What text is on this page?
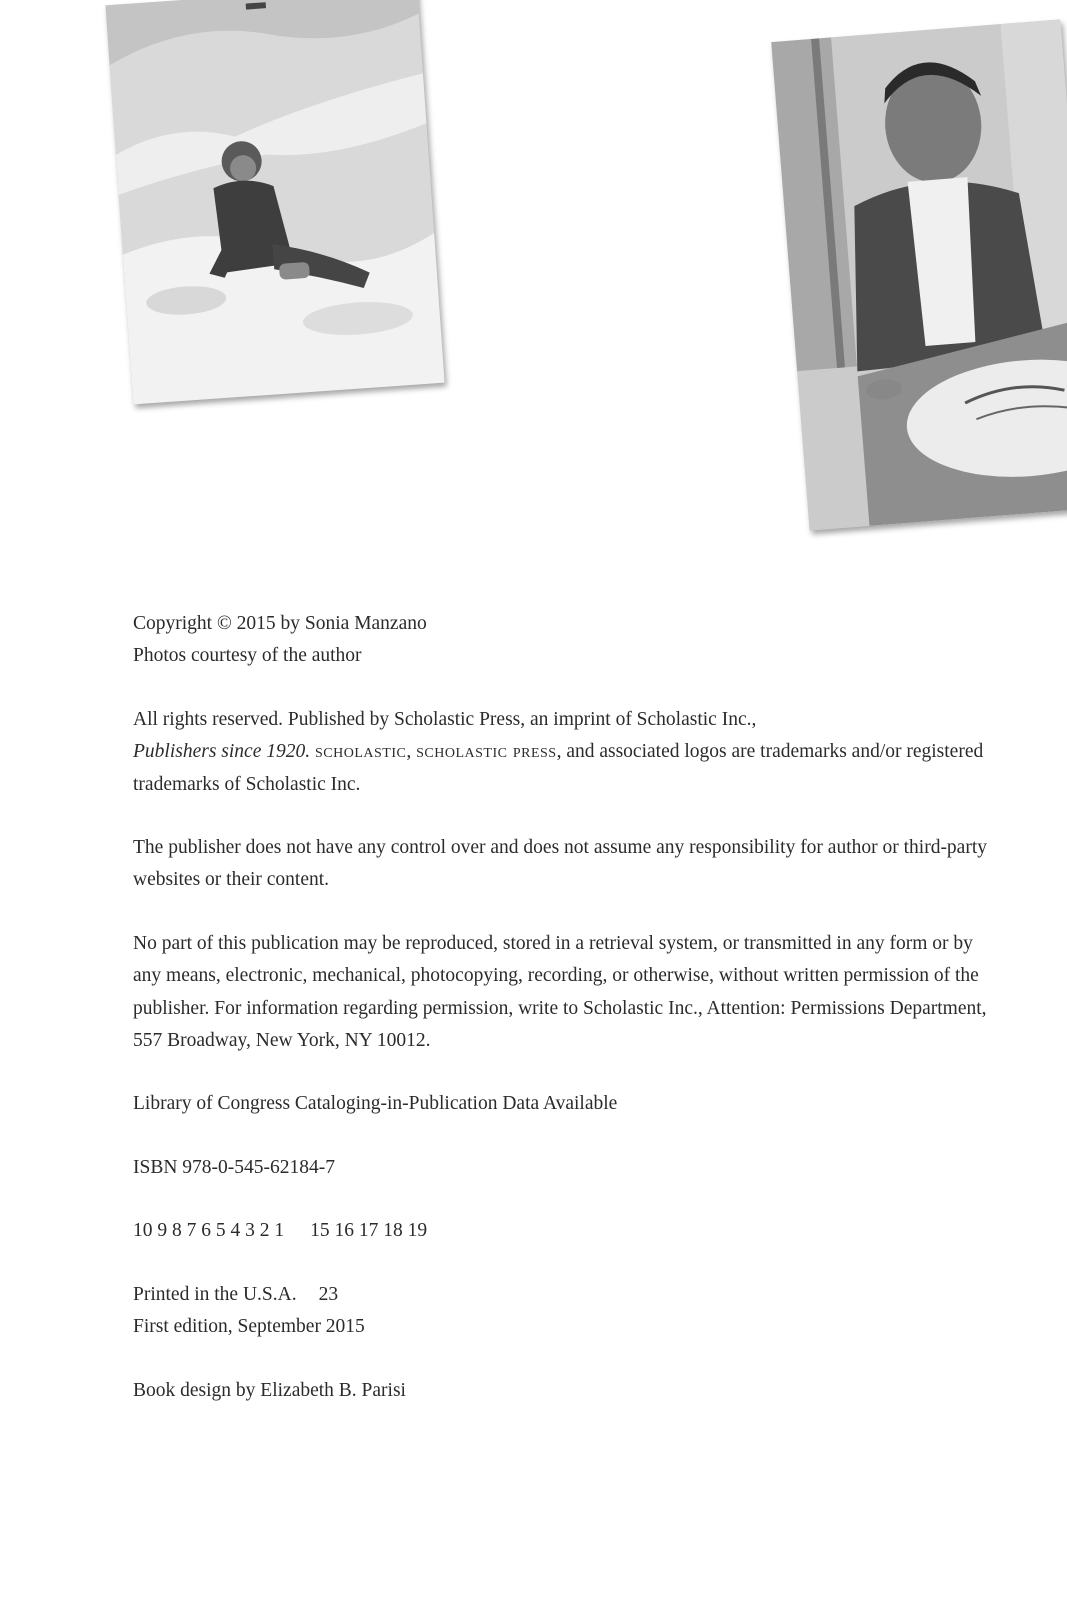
Copyright © 2015 by Sonia Manzano
Photos courtesy of the author

All rights reserved. Published by Scholastic Press, an imprint of Scholastic Inc.,
Publishers since 1920. scholastic, scholastic press, and associated logos are trademarks and/or registered trademarks of Scholastic Inc.

The publisher does not have any control over and does not assume any responsibility for author or third-party websites or their content.

No part of this publication may be reproduced, stored in a retrieval system, or transmitted in any form or by any means, electronic, mechanical, photocopying, recording, or otherwise, without written permission of the publisher. For information regarding permission, write to Scholastic Inc., Attention: Permissions Department, 557 Broadway, New York, NY 10012.

Library of Congress Cataloging-in-Publication Data Available

ISBN 978-0-545-62184-7

10 9 8 7 6 5 4 3 2 1 15 16 17 18 19

Printed in the U.S.A. 23
First edition, September 2015

Book design by Elizabeth B. Parisi
